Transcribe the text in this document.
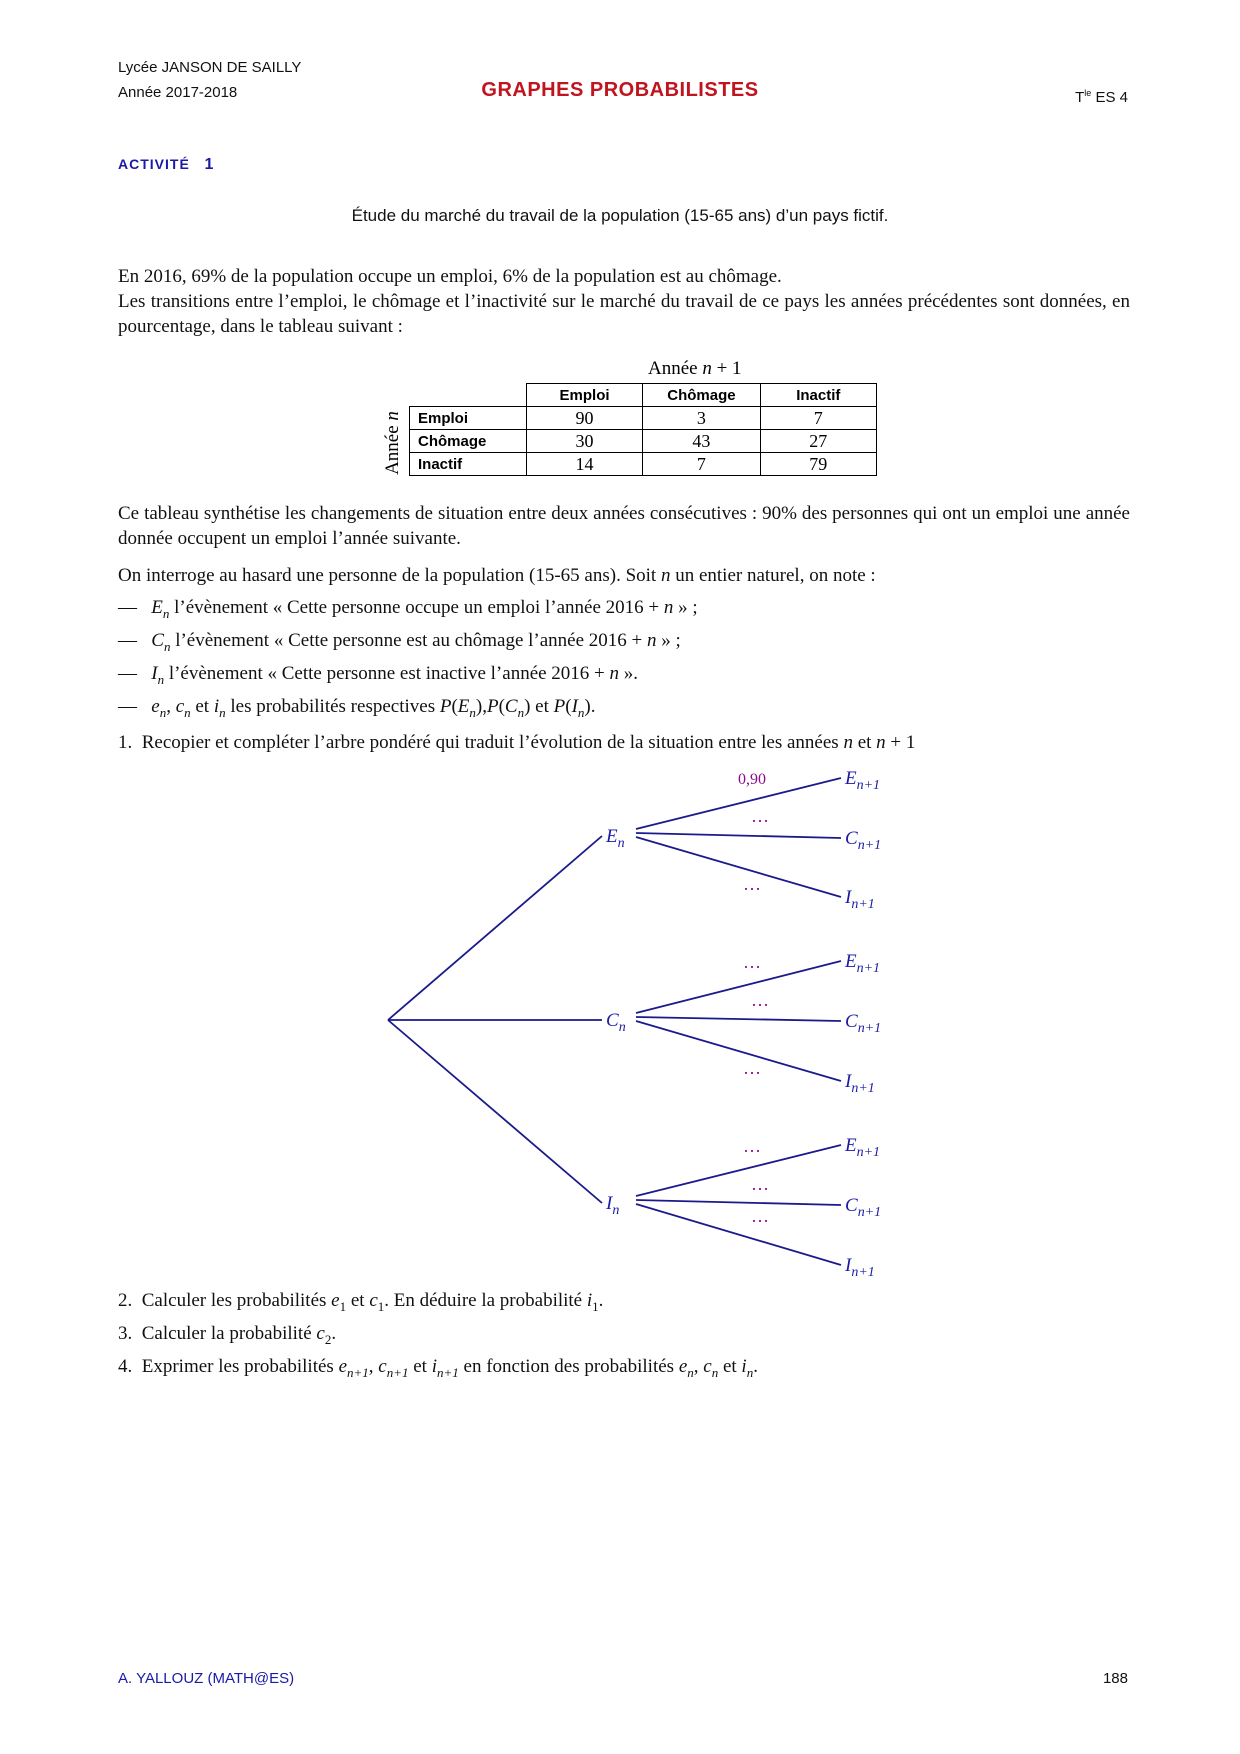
Lycée JANSON DE SAILLY
Année 2017-2018	GRAPHES PROBABILISTES	$T^{le}$ ES 4
ACTIVITÉ 1
Étude du marché du travail de la population (15-65 ans) d’un pays fictif.
En 2016, 69% de la population occupe un emploi, 6% de la population est au chômage.
Les transitions entre l’emploi, le chômage et l’inactivité sur le marché du travail de ce pays les années précédentes sont données, en pourcentage, dans le tableau suivant :
Année n + 1
Année n
	Emploi	Chômage	Inactif
Emploi	90	3	7
Chômage	30	43	27
Inactif	14	7	79
Ce tableau synthétise les changements de situation entre deux années consécutives : 90% des personnes qui ont un emploi une année donnée occupent un emploi l’année suivante.
On interroge au hasard une personne de la population (15-65 ans). Soit n un entier naturel, on note :
—   $E_n$ l’évènement « Cette personne occupe un emploi l’année 2016 + n » ;
—   $C_n$ l’évènement « Cette personne est au chômage l’année 2016 + n » ;
—   $I_n$ l’évènement « Cette personne est inactive l’année 2016 + n ».
—   $e_n$, $c_n$ et $i_n$ les probabilités respectives $P(E_n),P(C_n)$ et $P(I_n)$.
1.  Recopier et compléter l’arbre pondéré qui traduit l’évolution de la situation entre les années n et n + 1
$E_n$
$E_{n+1}$
0,90
$C_{n+1}$
…
$I_{n+1}$
…
$C_n$
$E_{n+1}$
…
$C_{n+1}$
…
$I_{n+1}$
…
$I_n$
$E_{n+1}$
…
$C_{n+1}$
…
$I_{n+1}$
…
2.  Calculer les probabilités $e_1$ et $c_1$. En déduire la probabilité $i_1$.
3.  Calculer la probabilité $c_2$.
4.  Exprimer les probabilités $e_{n+1}$, $c_{n+1}$ et $i_{n+1}$ en fonction des probabilités $e_n$, $c_n$ et $i_n$.
A. YALLOUZ (MATH@ES)	188
